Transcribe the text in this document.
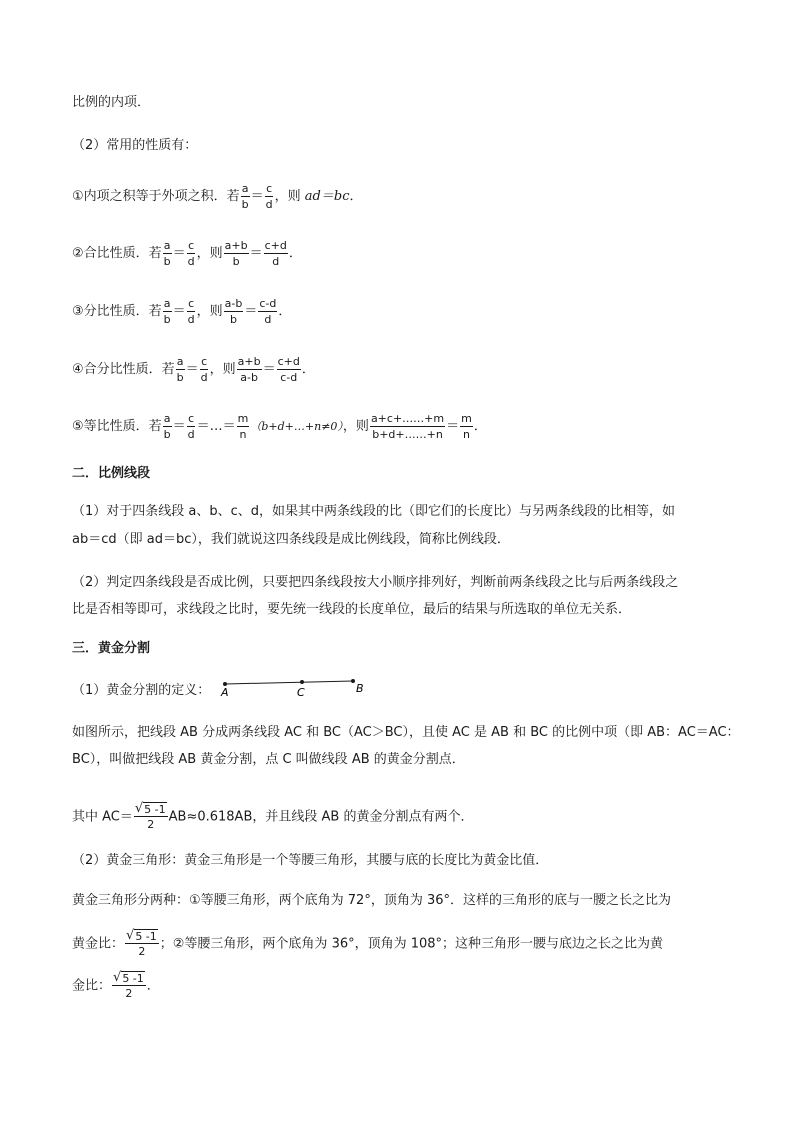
比例的内项．
（2）常用的性质有：
①内项之积等于外项之积．若 $\frac{a}{b} = \frac{c}{d}$ ，则 ad＝bc．
②合比性质．若 $\frac{a}{b} = \frac{c}{d}$ ，则 $\frac{a+b}{b} = \frac{c+d}{d}$ ．
③分比性质．若 $\frac{a}{b} = \frac{c}{d}$ ，则 $\frac{a-b}{b} = \frac{c-d}{d}$ ．
④合分比性质．若 $\frac{a}{b} = \frac{c}{d}$ ，则 $\frac{a+b}{a-b} = \frac{c+d}{c-d}$ ．
⑤等比性质．若 $\frac{a}{b} = \frac{c}{d}$ ＝…＝ $\frac{m}{n}$ （b+d+…+n≠0），则 $\frac{a+c+\dots\dots+m}{b+d+\dots\dots+n} = \frac{m}{n}$ ．
二．比例线段
（1）对于四条线段 a、b、c、d，如果其中两条线段的比（即它们的长度比）与另两条线段的比相等，如
ab＝cd（即 ad＝bc），我们就说这四条线段是成比例线段，简称比例线段．
（2）判定四条线段是否成比例，只要把四条线段按大小顺序排列好，判断前两条线段之比与后两条线段之
比是否相等即可，求线段之比时，要先统一线段的长度单位，最后的结果与所选取的单位无关系．
三．黄金分割
（1）黄金分割的定义： A	C	B
如图所示，把线段 AB 分成两条线段 AC 和 BC（AC＞BC），且使 AC 是 AB 和 BC 的比例中项（即 AB：AC＝AC：
BC），叫做把线段 AB 黄金分割，点 C 叫做线段 AB 的黄金分割点．
其中 $AC= \frac{√ 5 -1}{2} AB\approx 0.618AB$，并且线段 AB 的黄金分割点有两个．
（2）黄金三角形：黄金三角形是一个等腰三角形，其腰与底的长度比为黄金比值．
黄金三角形分两种：①等腰三角形，两个底角为 72°，顶角为 36°．这样的三角形的底与一腰之长之比为
黄金比： $\frac{√ 5 -1}{2}$ ；②等腰三角形，两个底角为 36°，顶角为 108°；这种三角形一腰与底边之长之比为黄
金比： $\frac{√ 5 -1}{2}$ ．
